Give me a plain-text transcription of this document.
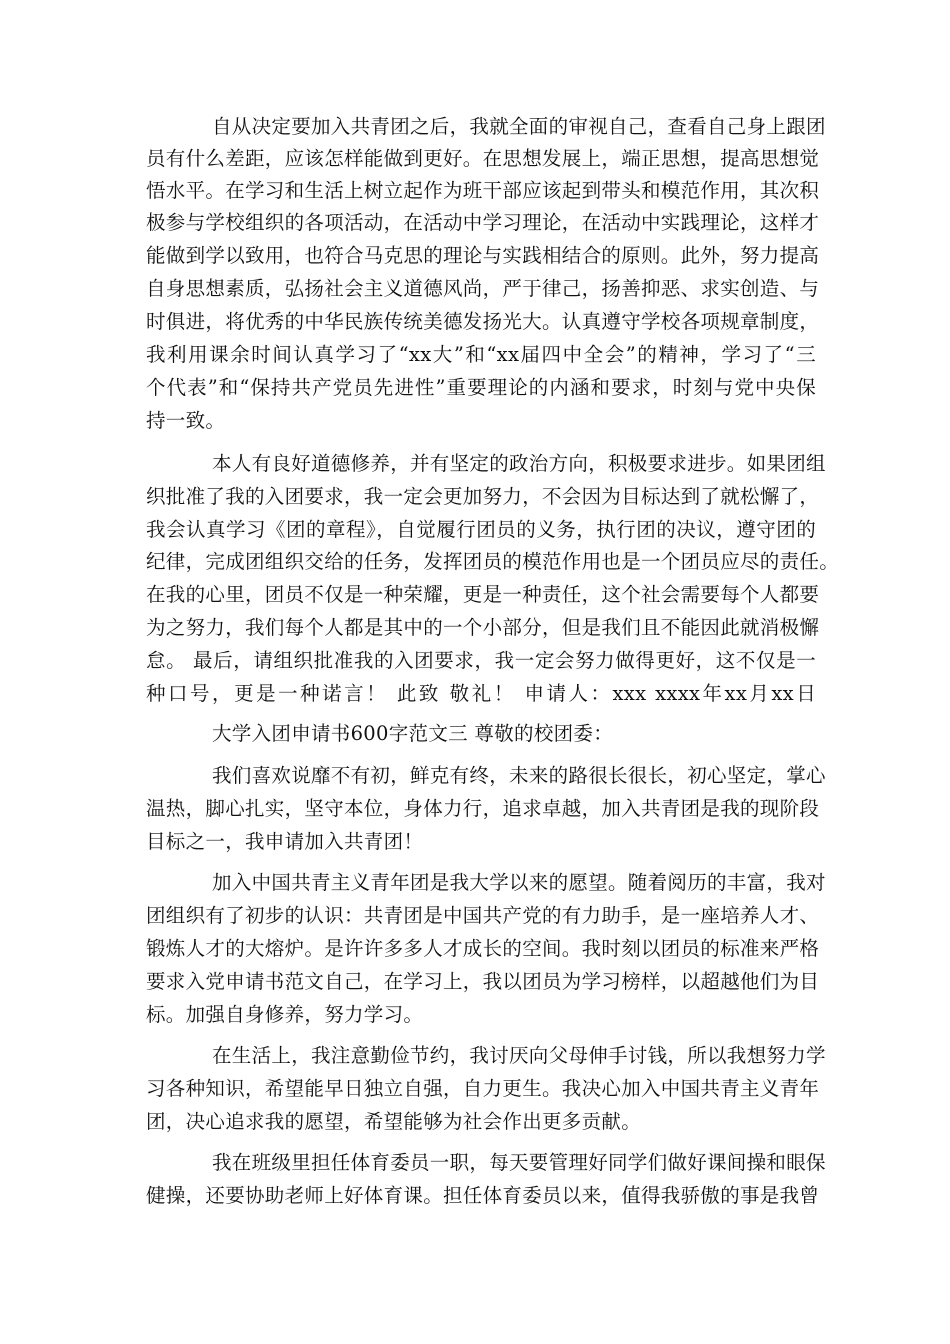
自从决定要加入共青团之后，我就全面的审视自己，查看自己身上跟团
员有什么差距，应该怎样能做到更好。在思想发展上，端正思想，提高思想觉
悟水平。在学习和生活上树立起作为班干部应该起到带头和模范作用，其次积
极参与学校组织的各项活动，在活动中学习理论，在活动中实践理论，这样才
能做到学以致用，也符合马克思的理论与实践相结合的原则。此外，努力提高
自身思想素质，弘扬社会主义道德风尚，严于律己，扬善抑恶、求实创造、与
时俱进，将优秀的中华民族传统美德发扬光大。认真遵守学校各项规章制度，
我利用课余时间认真学习了“xx大”和“xx届四中全会”的精神，学习了“三
个代表”和“保持共产党员先进性”重要理论的内涵和要求，时刻与党中央保
持一致。
本人有良好道德修养，并有坚定的政治方向，积极要求进步。如果团组
织批准了我的入团要求，我一定会更加努力，不会因为目标达到了就松懈了，
我会认真学习《团的章程》，自觉履行团员的义务，执行团的决议，遵守团的
纪律，完成团组织交给的任务，发挥团员的模范作用也是一个团员应尽的责任。
在我的心里，团员不仅是一种荣耀，更是一种责任，这个社会需要每个人都要
为之努力，我们每个人都是其中的一个小部分，但是我们且不能因此就消极懈
怠。 最后，请组织批准我的入团要求，我一定会努力做得更好，这不仅是一
种口号，更是一种诺言！ 此致 敬礼！ 申请人：xxx xxxx年xx月xx日
大学入团申请书600字范文三 尊敬的校团委：
我们喜欢说靡不有初，鲜克有终，未来的路很长很长，初心坚定，掌心
温热，脚心扎实，坚守本位，身体力行，追求卓越，加入共青团是我的现阶段
目标之一，我申请加入共青团！
加入中国共青主义青年团是我大学以来的愿望。随着阅历的丰富，我对
团组织有了初步的认识：共青团是中国共产党的有力助手，是一座培养人才、
锻炼人才的大熔炉。是许许多多人才成长的空间。我时刻以团员的标准来严格
要求入党申请书范文自己，在学习上，我以团员为学习榜样，以超越他们为目
标。加强自身修养，努力学习。
在生活上，我注意勤俭节约，我讨厌向父母伸手讨钱，所以我想努力学
习各种知识，希望能早日独立自强，自力更生。我决心加入中国共青主义青年
团，决心追求我的愿望，希望能够为社会作出更多贡献。
我在班级里担任体育委员一职，每天要管理好同学们做好课间操和眼保
健操，还要协助老师上好体育课。担任体育委员以来，值得我骄傲的事是我曾
